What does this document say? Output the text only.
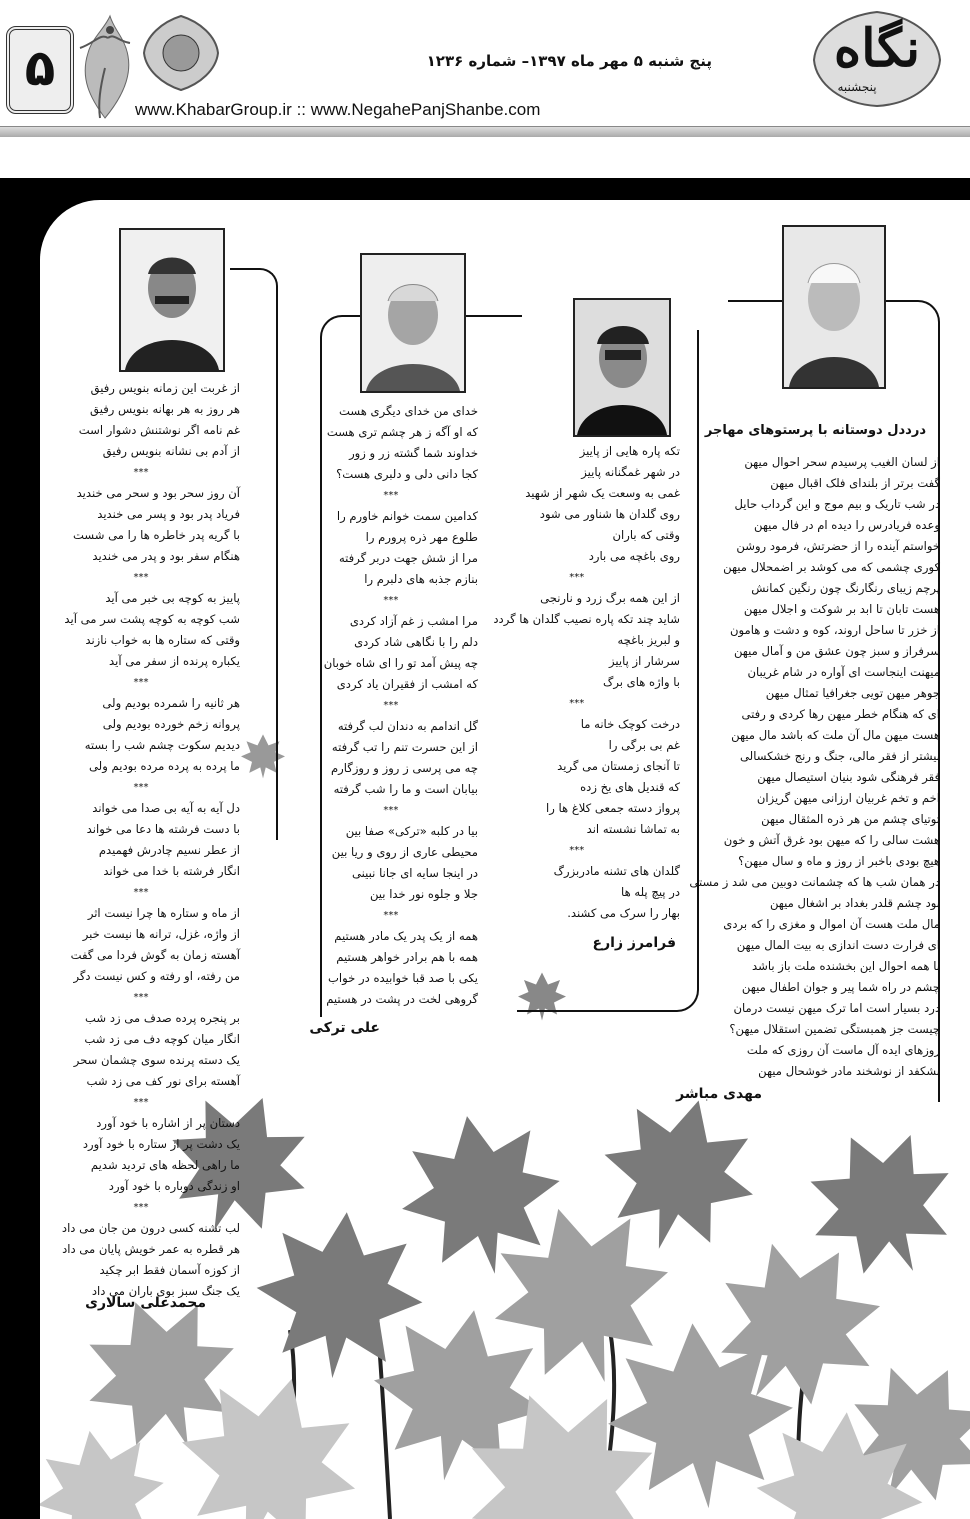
۵	پنج شنبه ۵ مهر ماه ۱۳۹۷– شماره ۱۲۳۶	نگاه
پنجشنبه
www.KhabarGroup.ir :: www.NegahePanjShanbe.com
درددل دوستانه با پرستوهای مهاجر
مهدی مباشر
فرامرز زارع
علی ترکی
محمدعلی سالاری
از لسان الغیب پرسیدم سحر احوال میهن
گفت برتر از بلندای فلک اقبال میهن
در شب تاریک و بیم موج و این گرداب حایل
وعده فریادرس را دیده ام در فال میهن
خواستم آینده را از حضرتش، فرمود روشن
کوری چشمی که می کوشد بر اضمحلال میهن
پرچم زیبای رنگارنگ چون رنگین کمانش
هست تابان تا ابد بر شوکت و اجلال میهن
از خزر تا ساحل اروند، کوه و دشت و هامون
سرفراز و سبز چون عشق من و آمال میهن
میهنت اینجاست ای آواره در شام غریبان
جوهر میهن تویی جغرافیا تمثال میهن
ای که هنگام خطر میهن رها کردی و رفتی
هست میهن مال آن ملت که باشد مال میهن
بیشتر از فقر مالی، جنگ و رنج خشکسالی
فقر فرهنگی شود بنیان استیصال میهن
اخم و تخم غربیان ارزانی میهن گریزان
توتیای چشم من هر ذره المثقال میهن
هشت سالی را که میهن بود غرق آتش و خون
هیچ بودی باخبر از روز و ماه و سال میهن؟
در همان شب ها که چشمانت دوبین می شد ز مستی
بود چشم قلدر بغداد بر اشغال میهن
مال ملت هست آن اموال و مغزی را که بردی
ای فرارت دست اندازی به بیت المال میهن
با همه احوال این بخشنده ملت باز باشد
چشم در راه شما پیر و جوان اطفال میهن
درد بسیار است اما ترک میهن نیست درمان
چیست جز همبستگی تضمین استقلال میهن؟
روزهای ایده آل ماست آن روزی که ملت
بشکفد از نوشخند مادر خوشحال میهن
تکه پاره هایی از پاییز
در شهر غمگنانه پاییز
غمی به وسعت یک شهر از شهید
روی گلدان ها شناور می شود
وقتی که باران
روی باغچه می بارد
***
از این همه برگ زرد و نارنجی
شاید چند تکه پاره نصیب گلدان ها گردد
و لبریز باغچه
سرشار از پاییز
با واژه های برگ
***
درخت کوچک خانه ما
غم بی برگی را
تا آنجای زمستان می گرید
که قندیل های یخ زده
پرواز دسته جمعی کلاغ ها را
به تماشا نشسته اند
***
گلدان های تشنه مادربزرگ
در پیچ پله ها
بهار را سرک می کشند.
خدای من خدای دیگری هست
که او آگه ز هر چشم تری هست
خداوند شما گشته زر و زور
کجا دانی دلی و دلبری هست؟
***
کدامین سمت خوانم خاورم را
طلوع مهر ذره پرورم را
مرا از شش جهت دربر گرفته
بنازم جذبه های دلبرم را
***
مرا امشب ز غم آزاد کردی
دلم را با نگاهی شاد کردی
چه پیش آمد تو را ای شاه خوبان
که امشب از فقیران یاد کردی
***
گل اندامم به دندان لب گرفته
از این حسرت تنم را تب گرفته
چه می پرسی ز روز و روزگارم
بیابان است و ما را شب گرفته
***
بیا در کلبه «ترکی» صفا بین
محیطی عاری از روی و ریا بین
در اینجا سایه ای جانا نبینی
جلا و جلوه نور خدا بین
***
همه از یک پدر یک مادر هستیم
همه با هم برادر خواهر هستیم
یکی با صد قبا خوابیده در خواب
گروهی لخت در پشت در هستیم
از غربت این زمانه بنویس رفیق
هر روز به هر بهانه بنویس رفیق
غم نامه اگر نوشتنش دشوار است
از آدم بی نشانه بنویس رفیق
***
آن روز سحر بود و سحر می خندید
فریاد پدر بود و پسر می خندید
با گریه پدر خاطره ها را می شست
هنگام سفر بود و پدر می خندید
***
پاییز به کوچه بی خبر می آید
شب کوچه به کوچه پشت سر می آید
وقتی که ستاره ها به خواب نازند
یکباره پرنده از سفر می آید
***
هر ثانیه را شمرده بودیم ولی
پروانه زخم خورده بودیم ولی
دیدیم سکوت چشم شب را بسته
ما پرده به پرده مرده بودیم ولی
***
دل آیه به آیه بی صدا می خواند
با دست فرشته ها دعا می خواند
از عطر نسیم چادرش فهمیدم
انگار فرشته با خدا می خواند
***
از ماه و ستاره ها چرا نیست اثر
از واژه، غزل، ترانه ها نیست خبر
آهسته زمان به گوش فردا می گفت
من رفته، او رفته و کس نیست دگر
***
بر پنجره پرده صدف می زد شب
انگار میان کوچه دف می زد شب
یک دسته پرنده سوی چشمان سحر
آهسته برای نور کف می زد شب
***
دستان پر از اشاره با خود آورد
یک دشت پر از ستاره با خود آورد
ما راهی لحظه های تردید شدیم
او زندگی دوباره با خود آورد
***
لب تشنه کسی درون من جان می داد
هر قطره به عمر خویش پایان می داد
از کوزه آسمان فقط ابر چکید
یک جنگ سبز بوی باران می داد
